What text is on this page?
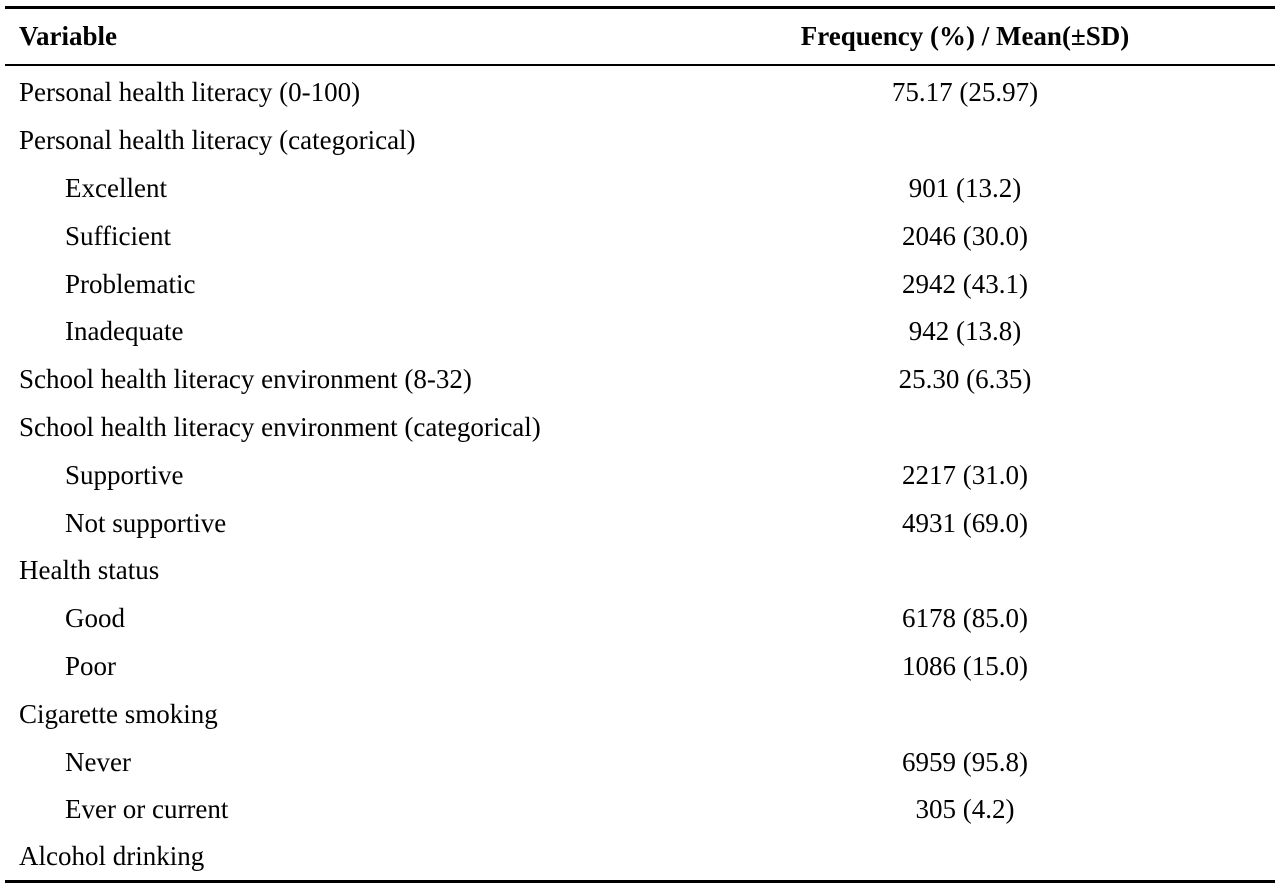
Variable	Frequency (%) / Mean(±SD)
Personal health literacy (0-100)	75.17 (25.97)
Personal health literacy (categorical)
Excellent	901 (13.2)
Sufficient	2046 (30.0)
Problematic	2942 (43.1)
Inadequate	942 (13.8)
School health literacy environment (8-32)	25.30 (6.35)
School health literacy environment (categorical)
Supportive	2217 (31.0)
Not supportive	4931 (69.0)
Health status
Good	6178 (85.0)
Poor	1086 (15.0)
Cigarette smoking
Never	6959 (95.8)
Ever or current	305 (4.2)
Alcohol drinking
